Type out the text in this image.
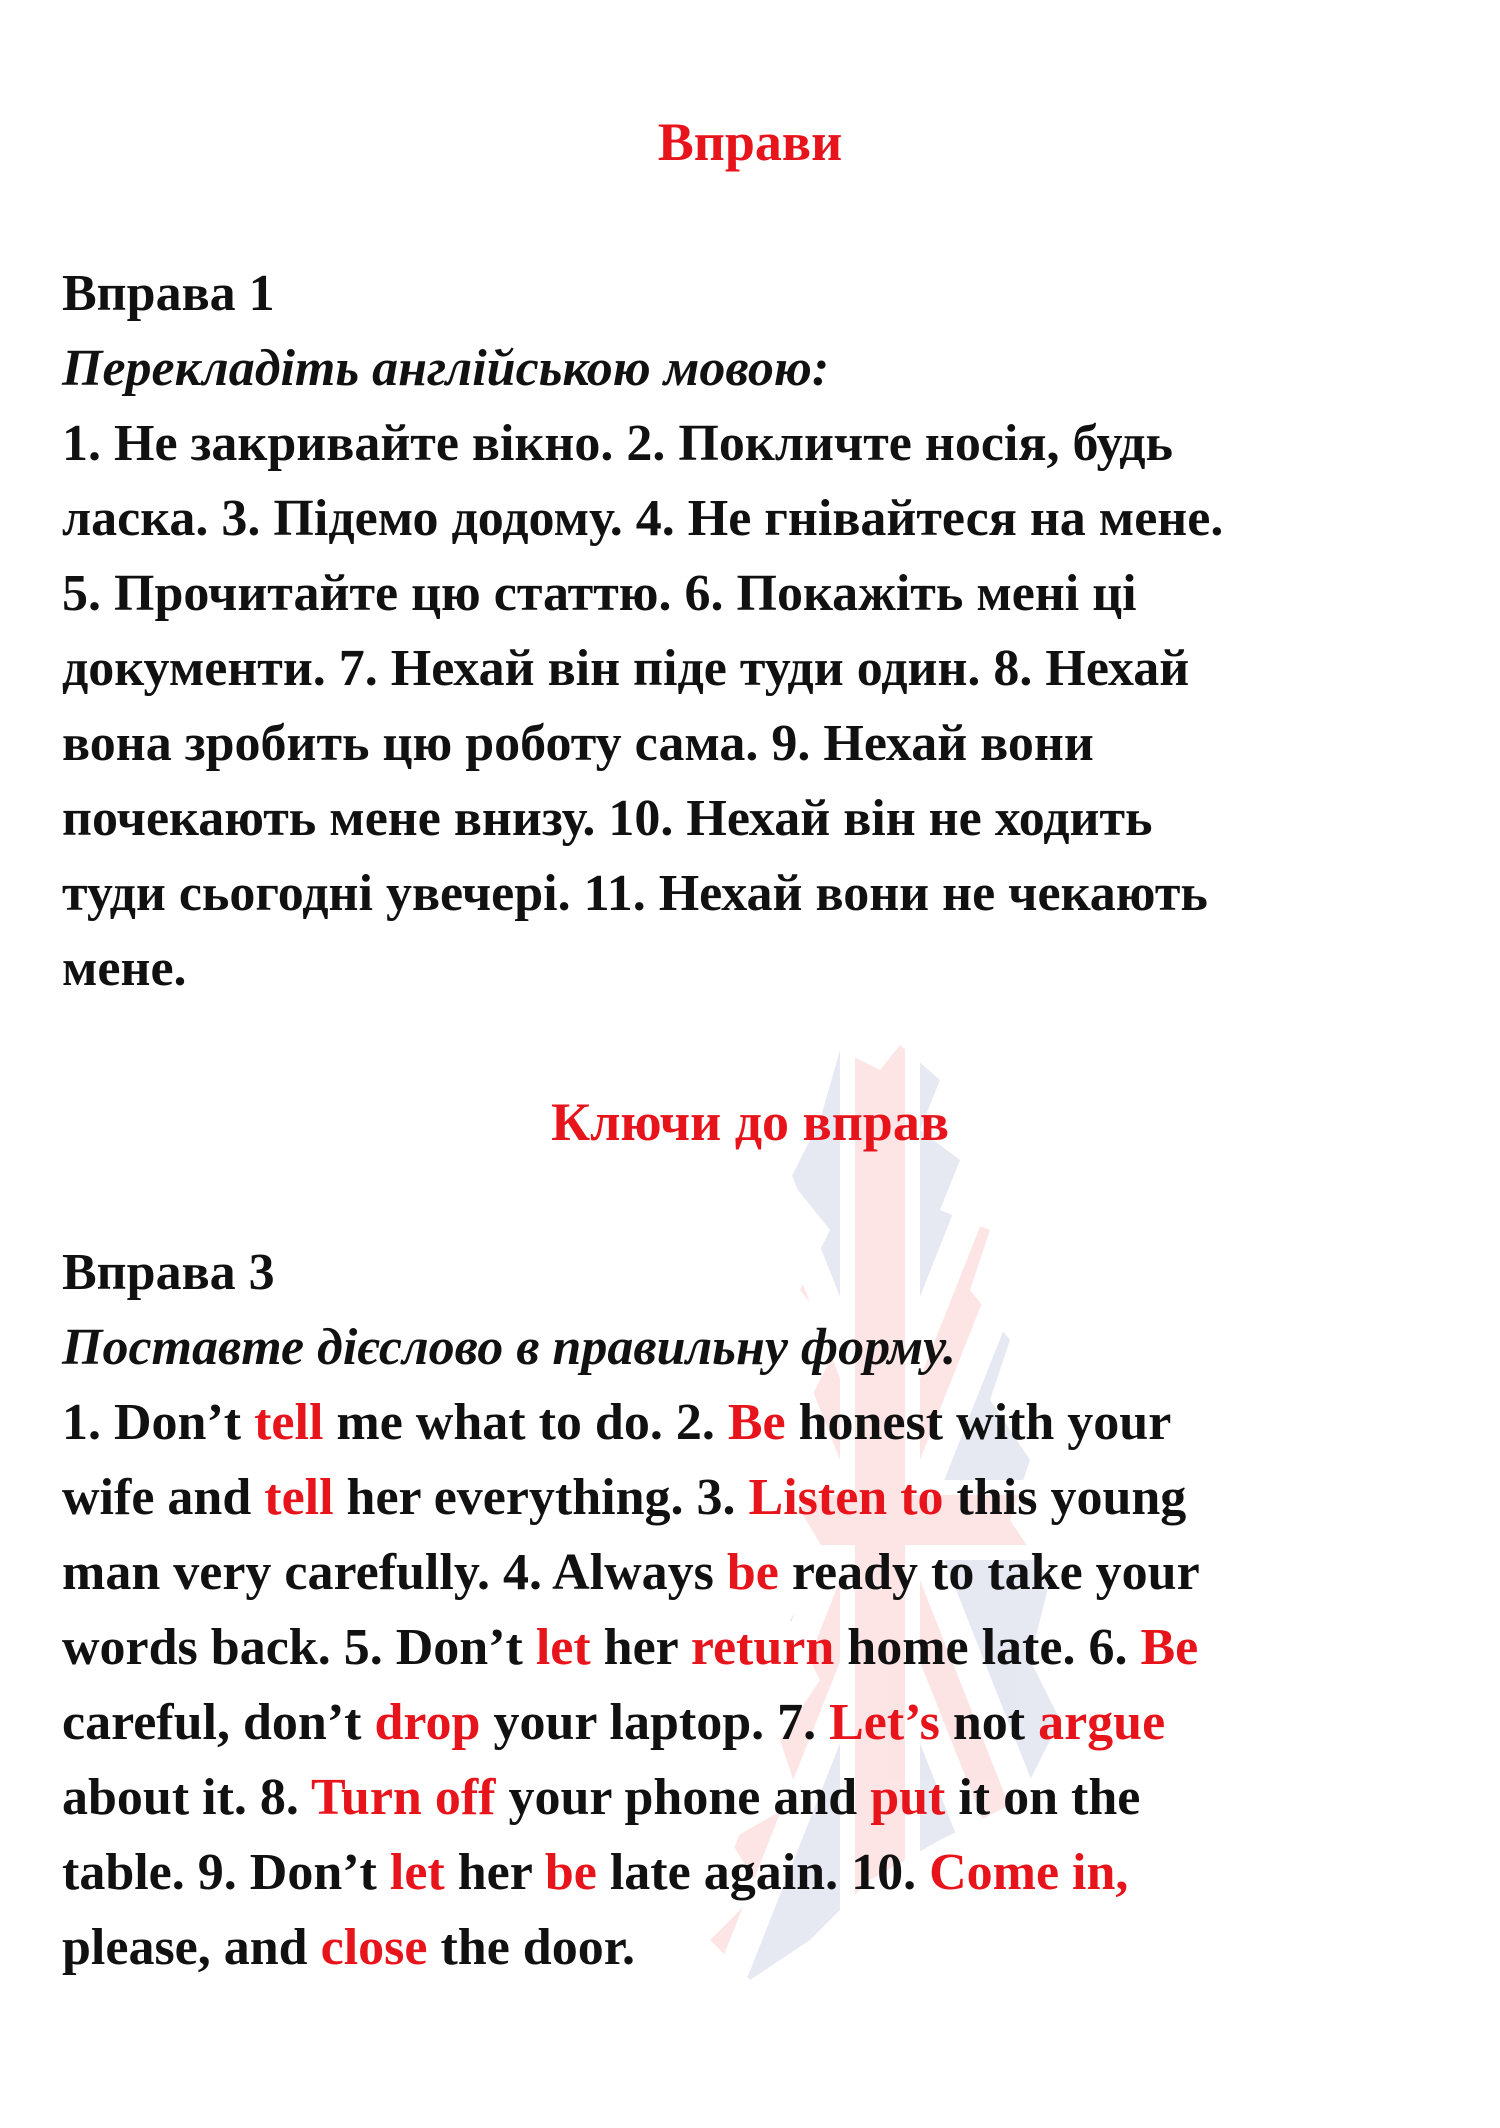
Вправи
Вправа 1
Перекладіть англійською мовою:
1. Не закривайте вікно. 2. Покличте носія, будь
ласка. 3. Підемо додому. 4. Не гнівайтеся на мене.
5. Прочитайте цю статтю. 6. Покажіть мені ці
документи. 7. Нехай він піде туди один. 8. Нехай
вона зробить цю роботу сама. 9. Нехай вони
почекають мене внизу. 10. Нехай він не ходить
туди сьогодні увечері. 11. Нехай вони не чекають
мене.
Ключи до вправ
Вправа 3
Поставте дієслово в правильну форму.
1. Don’t tell me what to do. 2. Be honest with your
wife and tell her everything. 3. Listen to this young
man very carefully. 4. Always be ready to take your
words back. 5. Don’t let her return home late. 6. Be
careful, don’t drop your laptop. 7. Let’s not argue
about it. 8. Turn off your phone and put it on the
table. 9. Don’t let her be late again. 10. Come in,
please, and close the door.
